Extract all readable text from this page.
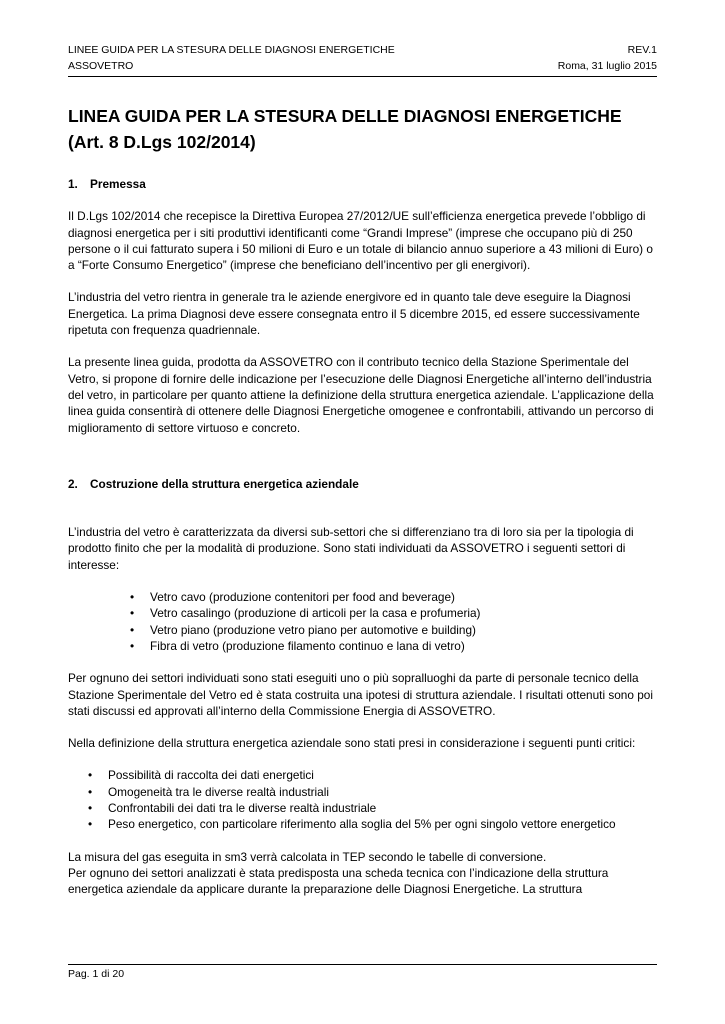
LINEE GUIDA PER LA STESURA DELLE DIAGNOSI ENERGETICHE	REV.1
ASSOVETRO	Roma, 31 luglio 2015
LINEA GUIDA PER LA STESURA DELLE DIAGNOSI ENERGETICHE (Art. 8 D.Lgs 102/2014)
1.	Premessa

Il D.Lgs 102/2014 che recepisce la Direttiva Europea 27/2012/UE sull’efficienza energetica prevede l’obbligo di diagnosi energetica per i siti produttivi identificanti come “Grandi Imprese” (imprese che occupano più di 250 persone o il cui fatturato supera i 50 milioni di Euro e un totale di bilancio annuo superiore a 43 milioni di Euro) o a “Forte Consumo Energetico” (imprese che beneficiano dell’incentivo per gli energivori).

L’industria del vetro rientra in generale tra le aziende energivore ed in quanto tale deve eseguire la Diagnosi Energetica. La prima Diagnosi deve essere consegnata entro il 5 dicembre 2015, ed essere successivamente ripetuta con frequenza quadriennale.

La presente linea guida, prodotta da ASSOVETRO con il contributo tecnico della Stazione Sperimentale del Vetro, si propone di fornire delle indicazione per l’esecuzione delle Diagnosi Energetiche all’interno dell’industria del vetro, in particolare per quanto attiene la definizione della struttura energetica aziendale. L’applicazione della linea guida consentirà di ottenere delle Diagnosi Energetiche omogenee e confrontabili, attivando un percorso di miglioramento di settore virtuoso e concreto.

2.	Costruzione della struttura energetica aziendale

L’industria del vetro è caratterizzata da diversi sub-settori che si differenziano tra di loro sia per la tipologia di prodotto finito che per la modalità di produzione. Sono stati individuati da ASSOVETRO i seguenti settori di interesse:

•	Vetro cavo (produzione contenitori per food and beverage)
•	Vetro casalingo (produzione di articoli per la casa e profumeria)
•	Vetro piano (produzione vetro piano per automotive e building)
•	Fibra di vetro (produzione filamento continuo e lana di vetro)

Per ognuno dei settori individuati sono stati eseguiti uno o più sopralluoghi da parte di personale tecnico della Stazione Sperimentale del Vetro ed è stata costruita una ipotesi di struttura aziendale. I risultati ottenuti sono poi stati discussi ed approvati all’interno della Commissione Energia di ASSOVETRO.

Nella definizione della struttura energetica aziendale sono stati presi in considerazione i seguenti punti critici:

•	Possibilità di raccolta dei dati energetici
•	Omogeneità tra le diverse realtà industriali
•	Confrontabili dei dati tra le diverse realtà industriale
•	Peso energetico, con particolare riferimento alla soglia del 5% per ogni singolo vettore energetico

La misura del gas eseguita in sm3 verrà calcolata in TEP secondo le tabelle di conversione.

Per ognuno dei settori analizzati è stata predisposta una scheda tecnica con l’indicazione della struttura energetica aziendale da applicare durante la preparazione delle Diagnosi Energetiche. La struttura

Pag. 1 di 20
